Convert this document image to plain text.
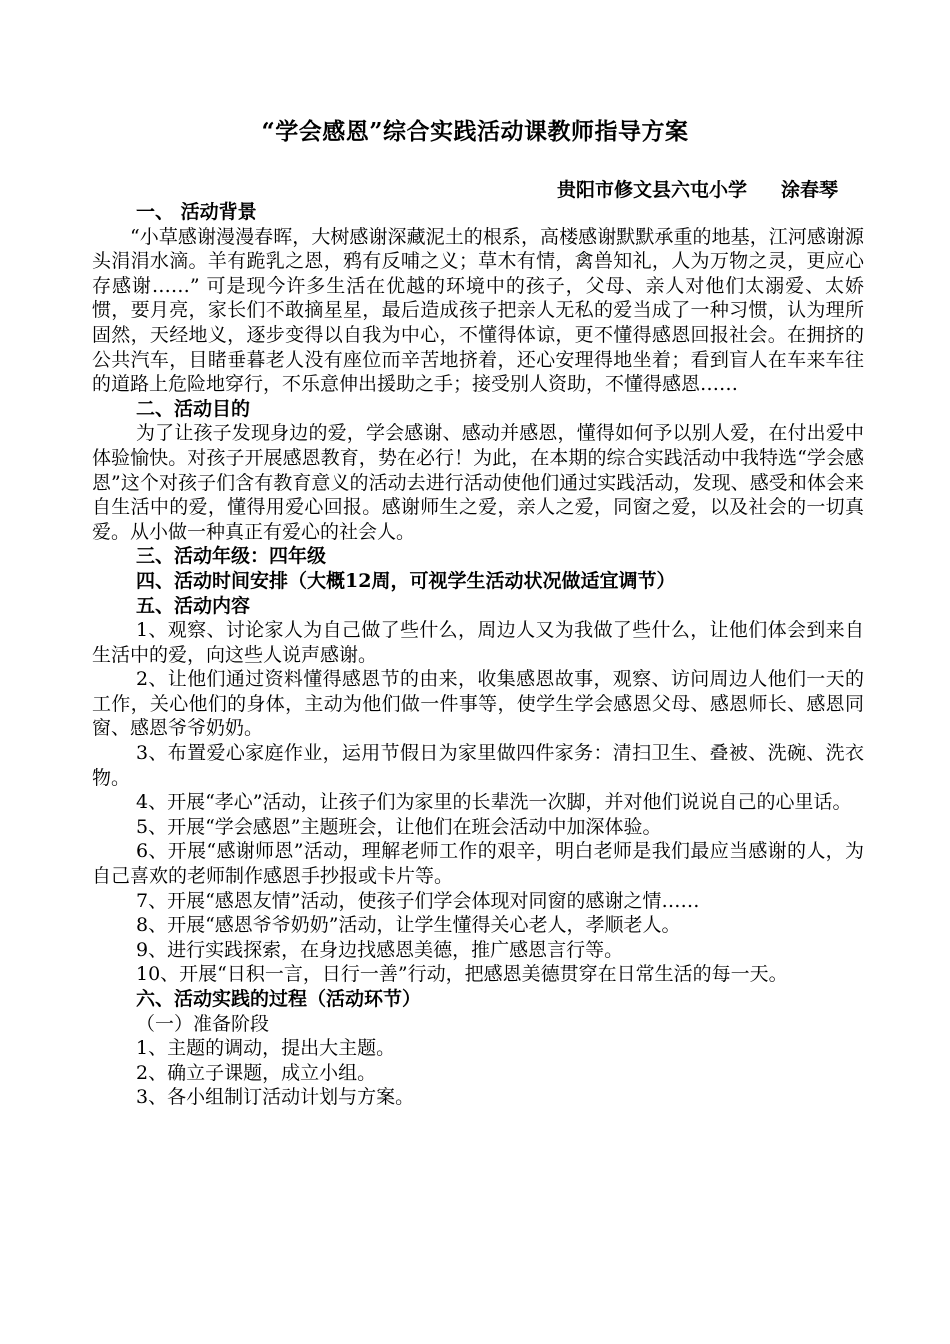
“学会感恩”综合实践活动课教师指导方案
贵阳市修文县六屯小学 涂春琴

一、 活动背景

“小草感谢漫漫春晖，大树感谢深藏泥土的根系，高楼感谢默默承重的地基，江河感谢源头涓涓水滴。羊有跪乳之恩，鸦有反哺之义；草木有情，禽兽知礼，人为万物之灵，更应心存感谢……” 可是现今许多生活在优越的环境中的孩子，父母、亲人对他们太溺爱、太娇惯，要月亮，家长们不敢摘星星，最后造成孩子把亲人无私的爱当成了一种习惯，认为理所固然，天经地义，逐步变得以自我为中心，不懂得体谅，更不懂得感恩回报社会。在拥挤的公共汽车，目睹垂暮老人没有座位而辛苦地挤着，还心安理得地坐着；看到盲人在车来车往的道路上危险地穿行，不乐意伸出援助之手；接受别人资助，不懂得感恩……

二、活动目的

为了让孩子发现身边的爱，学会感谢、感动并感恩，懂得如何予以别人爱，在付出爱中体验愉快。对孩子开展感恩教育，势在必行！为此，在本期的综合实践活动中我特选“学会感恩”这个对孩子们含有教育意义的活动去进行活动使他们通过实践活动，发现、感受和体会来自生活中的爱，懂得用爱心回报。感谢师生之爱，亲人之爱，同窗之爱，以及社会的一切真爱。从小做一种真正有爱心的社会人。

三、活动年级：四年级

四、活动时间安排（大概12周，可视学生活动状况做适宜调节）

五、活动内容

1、观察、讨论家人为自己做了些什么，周边人又为我做了些什么，让他们体会到来自生活中的爱，向这些人说声感谢。

2、让他们通过资料懂得感恩节的由来，收集感恩故事，观察、访问周边人他们一天的工作，关心他们的身体，主动为他们做一件事等，使学生学会感恩父母、感恩师长、感恩同窗、感恩爷爷奶奶。

3、布置爱心家庭作业，运用节假日为家里做四件家务：清扫卫生、叠被、洗碗、洗衣物。

4、开展“孝心”活动，让孩子们为家里的长辈洗一次脚，并对他们说说自己的心里话。

5、开展“学会感恩”主题班会，让他们在班会活动中加深体验。

6、开展“感谢师恩”活动，理解老师工作的艰辛，明白老师是我们最应当感谢的人，为自己喜欢的老师制作感恩手抄报或卡片等。

7、开展“感恩友情”活动，使孩子们学会体现对同窗的感谢之情……

8、开展“感恩爷爷奶奶”活动，让学生懂得关心老人，孝顺老人。

9、进行实践探索，在身边找感恩美德，推广感恩言行等。

10、开展“日积一言，日行一善”行动，把感恩美德贯穿在日常生活的每一天。

六、活动实践的过程（活动环节）

（一）准备阶段

1、主题的调动，提出大主题。

2、确立子课题，成立小组。

3、各小组制订活动计划与方案。
